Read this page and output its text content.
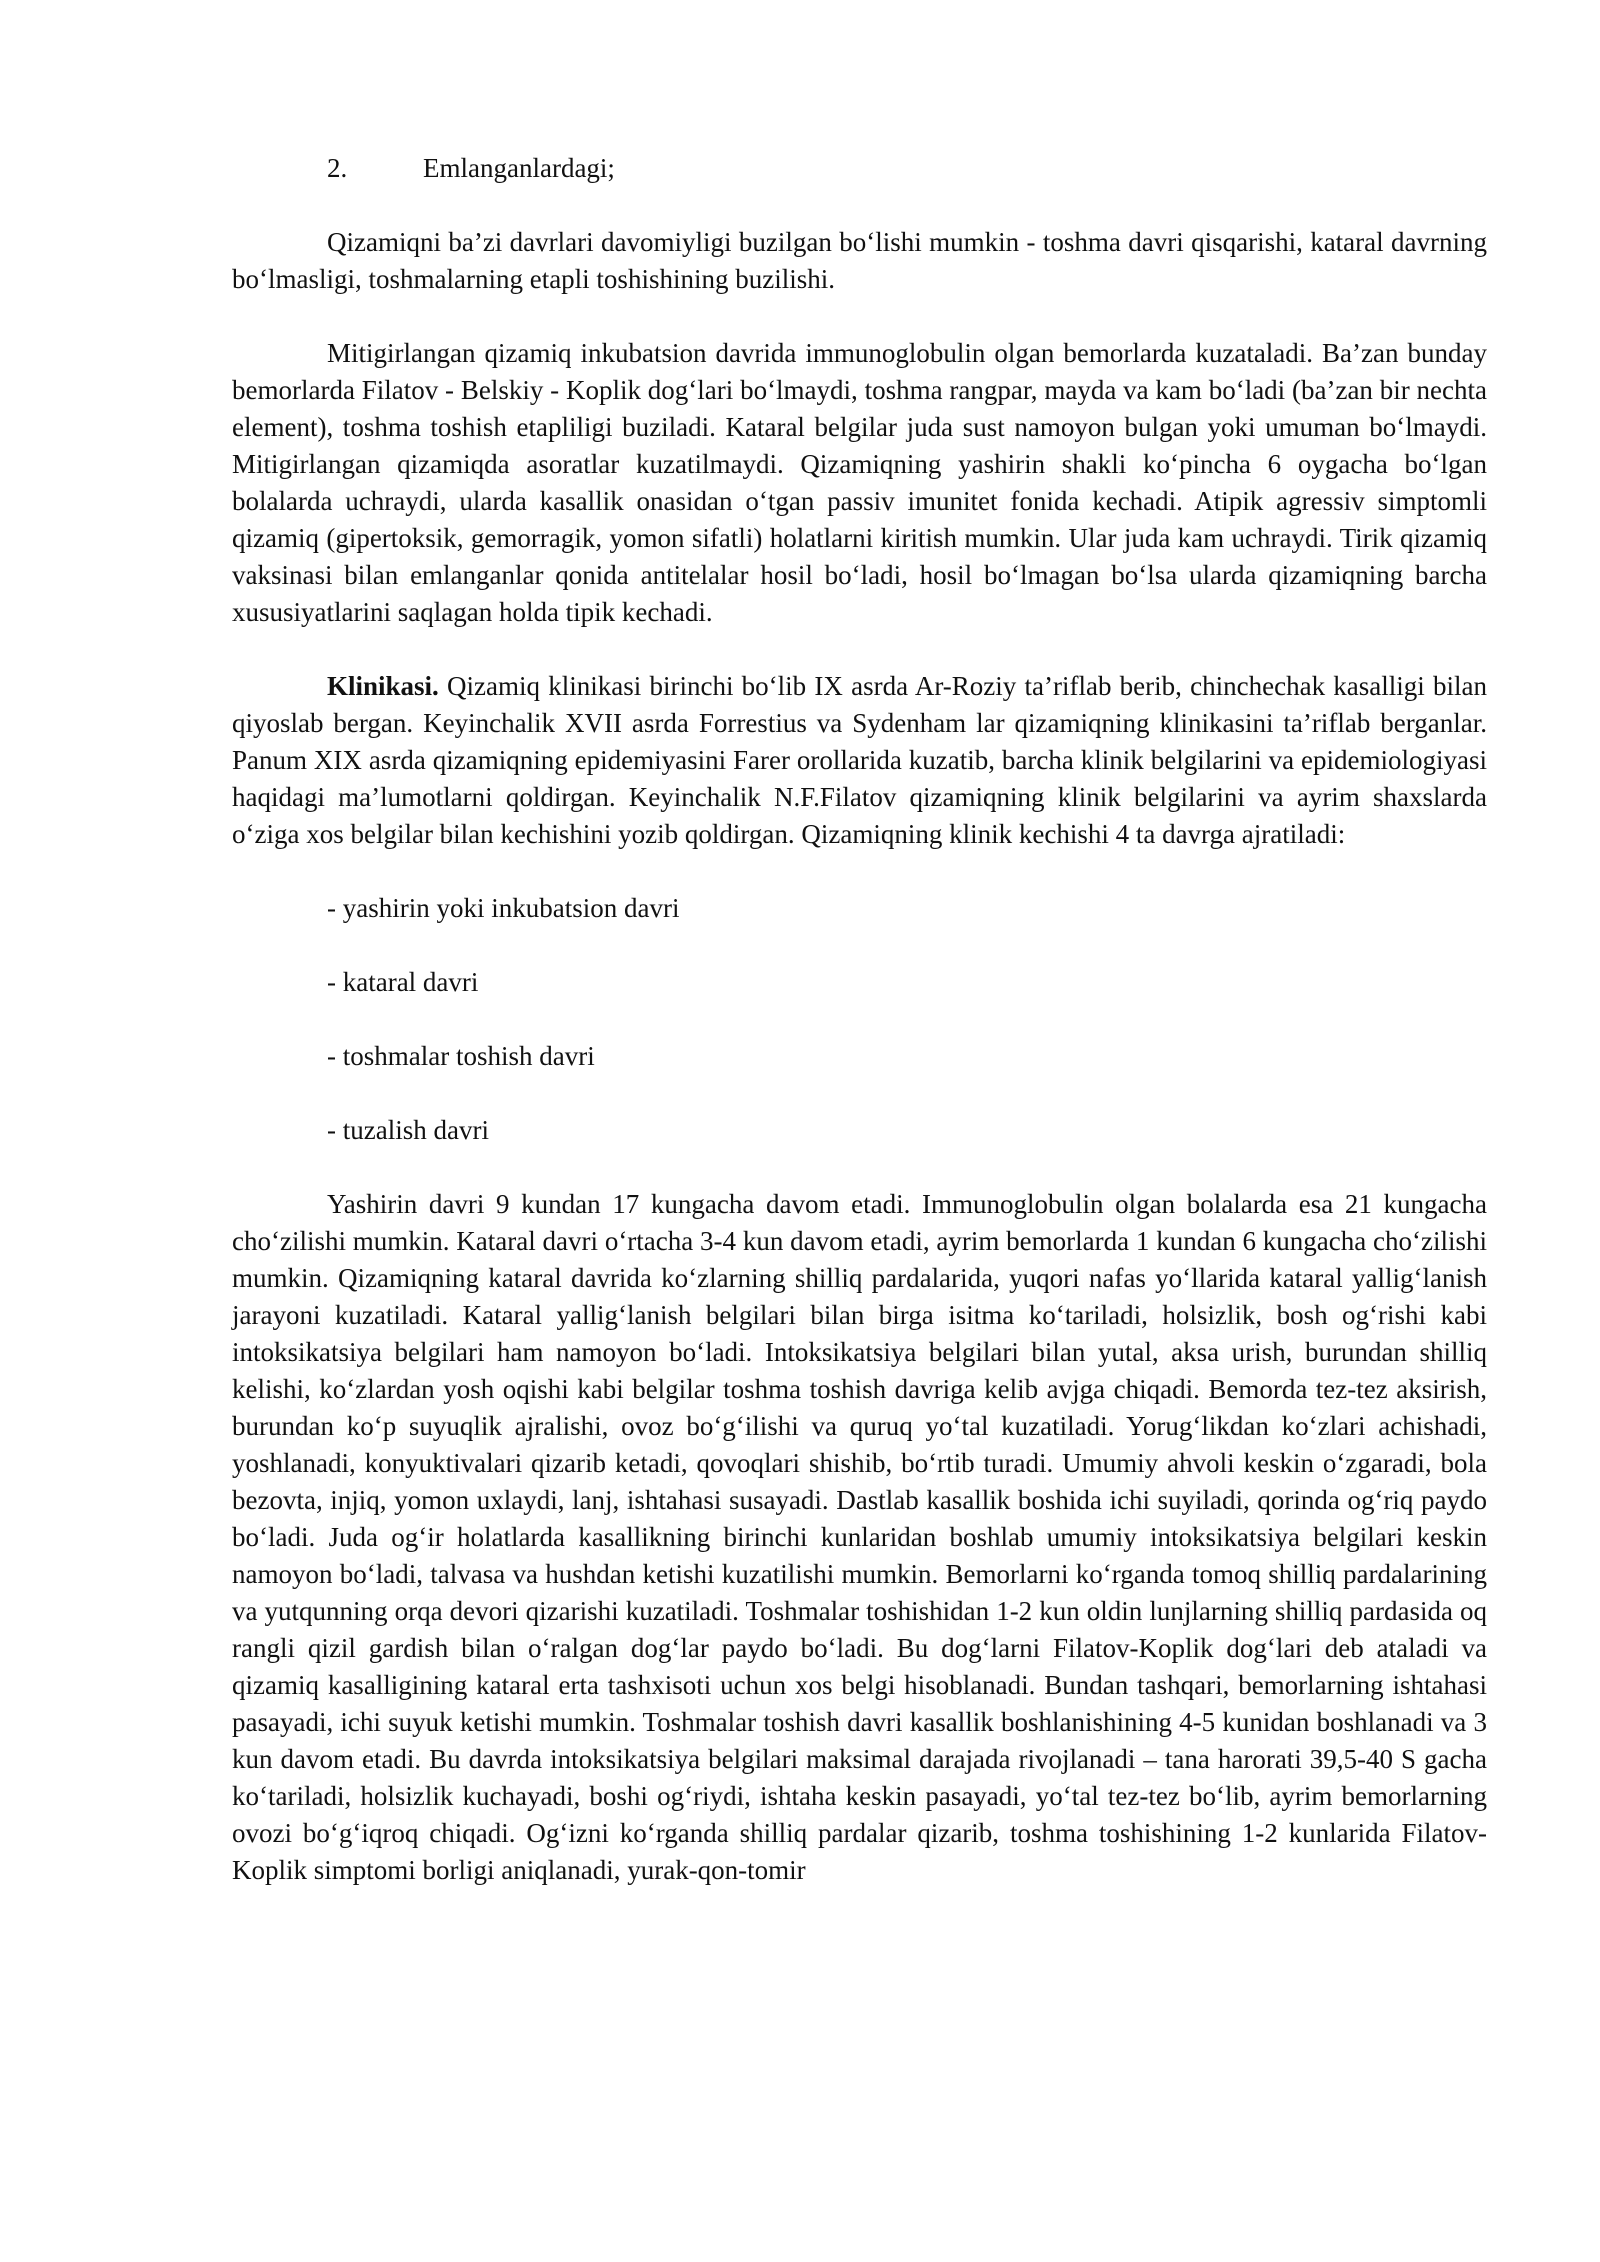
2.	Emlanganlardagi;

Qizamiqni ba’zi davrlari davomiyligi buzilgan bo‘lishi mumkin - toshma davri qisqarishi, kataral davrning bo‘lmasligi, toshmalarning etapli toshishining buzilishi.

Mitigirlangan qizamiq inkubatsion davrida immunoglobulin olgan bemorlarda kuzataladi. Ba’zan bunday bemorlarda Filatov - Belskiy - Koplik dog‘lari bo‘lmaydi, toshma rangpar, mayda va kam bo‘ladi (ba’zan bir nechta element), toshma toshish etapliligi buziladi. Kataral belgilar juda sust namoyon bulgan yoki umuman bo‘lmaydi. Mitigirlangan qizamiqda asoratlar kuzatilmaydi. Qizamiqning yashirin shakli ko‘pincha 6 oygacha bo‘lgan bolalarda uchraydi, ularda kasallik onasidan o‘tgan passiv imunitet fonida kechadi. Atipik agressiv simptomli qizamiq (gipertoksik, gemorragik, yomon sifatli) holatlarni kiritish mumkin. Ular juda kam uchraydi. Tirik qizamiq vaksinasi bilan emlanganlar qonida antitelalar hosil bo‘ladi, hosil bo‘lmagan bo‘lsa ularda qizamiqning barcha xususiyatlarini saqlagan holda tipik kechadi.

Klinikasi. Qizamiq klinikasi birinchi bo‘lib IX asrda Ar-Roziy ta’riflab berib, chinchechak kasalligi bilan qiyoslab bergan. Keyinchalik XVII asrda Forrestius va Sydenham lar qizamiqning klinikasini ta’riflab berganlar. Panum XIX asrda qizamiqning epidemiyasini Farer orollarida kuzatib, barcha klinik belgilarini va epidemiologiyasi haqidagi ma’lumotlarni qoldirgan. Keyinchalik N.F.Filatov qizamiqning klinik belgilarini va ayrim shaxslarda o‘ziga xos belgilar bilan kechishini yozib qoldirgan. Qizamiqning klinik kechishi 4 ta davrga ajratiladi:

- yashirin yoki inkubatsion davri

- kataral davri

- toshmalar toshish davri

- tuzalish davri

Yashirin davri 9 kundan 17 kungacha davom etadi. Immunoglobulin olgan bolalarda esa 21 kungacha cho‘zilishi mumkin. Kataral davri o‘rtacha 3-4 kun davom etadi, ayrim bemorlarda 1 kundan 6 kungacha cho‘zilishi mumkin. Qizamiqning kataral davrida ko‘zlarning shilliq pardalarida, yuqori nafas yo‘llarida kataral yallig‘lanish jarayoni kuzatiladi. Kataral yallig‘lanish belgilari bilan birga isitma ko‘tariladi, holsizlik, bosh og‘rishi kabi intoksikatsiya belgilari ham namoyon bo‘ladi. Intoksikatsiya belgilari bilan yutal, aksa urish, burundan shilliq kelishi, ko‘zlardan yosh oqishi kabi belgilar toshma toshish davriga kelib avjga chiqadi. Bemorda tez-tez aksirish, burundan ko‘p suyuqlik ajralishi, ovoz bo‘g‘ilishi va quruq yo‘tal kuzatiladi. Yorug‘likdan ko‘zlari achishadi, yoshlanadi, konyuktivalari qizarib ketadi, qovoqlari shishib, bo‘rtib turadi. Umumiy ahvoli keskin o‘zgaradi, bola bezovta, injiq, yomon uxlaydi, lanj, ishtahasi susayadi. Dastlab kasallik boshida ichi suyiladi, qorinda og‘riq paydo bo‘ladi. Juda og‘ir holatlarda kasallikning birinchi kunlaridan boshlab umumiy intoksikatsiya belgilari keskin namoyon bo‘ladi, talvasa va hushdan ketishi kuzatilishi mumkin. Bemorlarni ko‘rganda tomoq shilliq pardalarining va yutqunning orqa devori qizarishi kuzatiladi. Toshmalar toshishidan 1-2 kun oldin lunjlarning shilliq pardasida oq rangli qizil gardish bilan o‘ralgan dog‘lar paydo bo‘ladi. Bu dog‘larni Filatov-Koplik dog‘lari deb ataladi va qizamiq kasalligining kataral erta tashxisoti uchun xos belgi hisoblanadi. Bundan tashqari, bemorlarning ishtahasi pasayadi, ichi suyuk ketishi mumkin. Toshmalar toshish davri kasallik boshlanishining 4-5 kunidan boshlanadi va 3 kun davom etadi. Bu davrda intoksikatsiya belgilari maksimal darajada rivojlanadi – tana harorati 39,5-40 S gacha ko‘tariladi, holsizlik kuchayadi, boshi og‘riydi, ishtaha keskin pasayadi, yo‘tal tez-tez bo‘lib, ayrim bemorlarning ovozi bo‘g‘iqroq chiqadi. Og‘izni ko‘rganda shilliq pardalar qizarib, toshma toshishining 1-2 kunlarida Filatov-Koplik simptomi borligi aniqlanadi, yurak-qon-tomir
